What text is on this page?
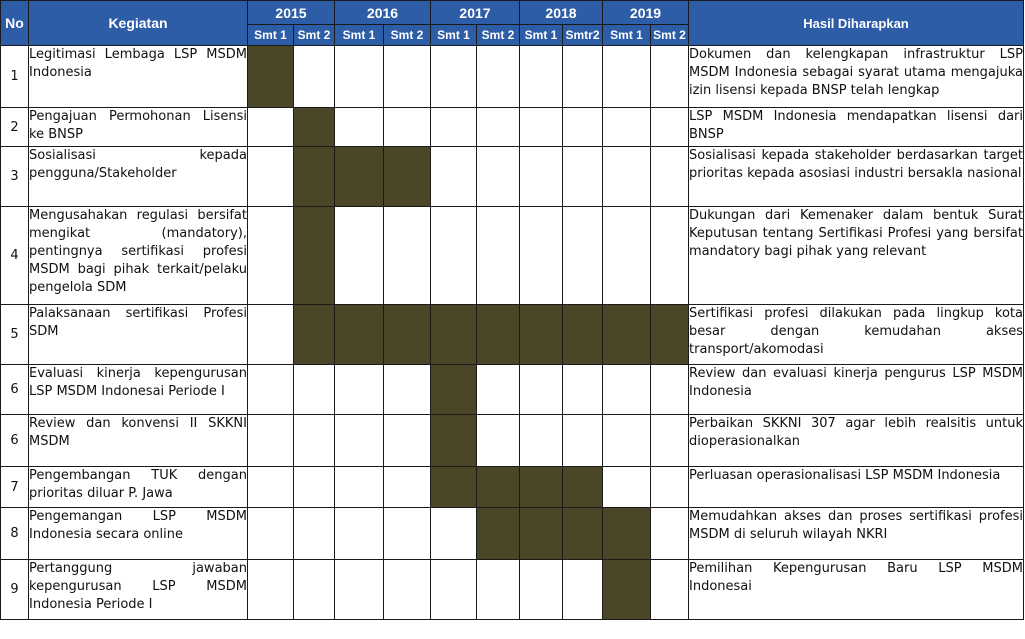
No	Kegiatan	2015		2016		2017		2018		2019		Hasil Diharapkan
		Smt 1	Smt 2	Smt 1	Smt 2	Smt 1	Smt 2	Smt 1	Smtr2	Smt 1	Smt 2	
1	Legitimasi Lembaga LSP MSDM Indonesia											Dokumen dan kelengkapan infrastruktur LSP MSDM Indonesia sebagai syarat utama mengajuka izin lisensi kepada BNSP telah lengkap
2	Pengajuan Permohonan Lisensi ke BNSP											LSP MSDM Indonesia mendapatkan lisensi dari BNSP
3	Sosialisasi kepada pengguna/Stakeholder											Sosialisasi kepada stakeholder berdasarkan target prioritas kepada asosiasi industri bersakla nasional
4	Mengusahakan regulasi bersifat mengikat (mandatory), pentingnya sertifikasi profesi MSDM bagi pihak terkait/pelaku pengelola SDM											Dukungan dari Kemenaker dalam bentuk Surat Keputusan tentang Sertifikasi Profesi yang bersifat mandatory bagi pihak yang relevant
5	Palaksanaan sertifikasi Profesi SDM											Sertifikasi profesi dilakukan pada lingkup kota besar dengan kemudahan akses transport/akomodasi
6	Evaluasi kinerja kepengurusan LSP MSDM Indonesai Periode I											Review dan evaluasi kinerja pengurus LSP MSDM Indonesia
6	Review dan konvensi II SKKNI MSDM											Perbaikan SKKNI 307 agar lebih realsitis untuk dioperasionalkan
7	Pengembangan TUK dengan prioritas diluar P. Jawa											Perluasan operasionalisasi LSP MSDM Indonesia
8	Pengemangan LSP MSDM Indonesia secara online											Memudahkan akses dan proses sertifikasi profesi MSDM di seluruh wilayah NKRI
9	Pertanggung jawaban kepengurusan LSP MSDM Indonesia Periode I											Pemilihan Kepengurusan Baru LSP MSDM Indonesai
